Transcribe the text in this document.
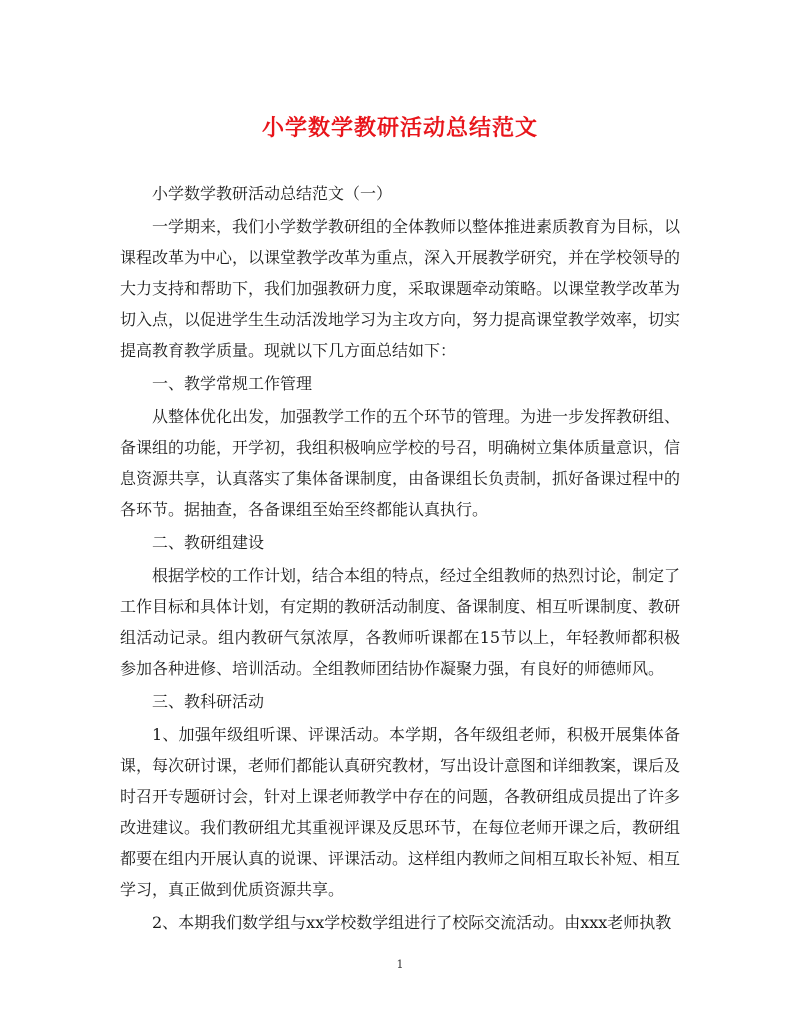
小学数学教研活动总结范文

小学数学教研活动总结范文（一）

一学期来，我们小学数学教研组的全体教师以整体推进素质教育为目标，以课程改革为中心，以课堂教学改革为重点，深入开展教学研究，并在学校领导的大力支持和帮助下，我们加强教研力度，采取课题牵动策略。以课堂教学改革为切入点，以促进学生生动活泼地学习为主攻方向，努力提高课堂教学效率，切实提高教育教学质量。现就以下几方面总结如下：

一、教学常规工作管理

从整体优化出发，加强教学工作的五个环节的管理。为进一步发挥教研组、备课组的功能，开学初，我组积极响应学校的号召，明确树立集体质量意识，信息资源共享，认真落实了集体备课制度，由备课组长负责制，抓好备课过程中的各环节。据抽查，各备课组至始至终都能认真执行。

二、教研组建设

根据学校的工作计划，结合本组的特点，经过全组教师的热烈讨论，制定了工作目标和具体计划，有定期的教研活动制度、备课制度、相互听课制度、教研组活动记录。组内教研气氛浓厚，各教师听课都在15节以上，年轻教师都积极参加各种进修、培训活动。全组教师团结协作凝聚力强，有良好的师德师风。

三、教科研活动

1、加强年级组听课、评课活动。本学期，各年级组老师，积极开展集体备课，每次研讨课，老师们都能认真研究教材，写出设计意图和详细教案，课后及时召开专题研讨会，针对上课老师教学中存在的问题，各教研组成员提出了许多改进建议。我们教研组尤其重视评课及反思环节，在每位老师开课之后，教研组都要在组内开展认真的说课、评课活动。这样组内教师之间相互取长补短、相互学习，真正做到优质资源共享。

2、本期我们数学组与xx学校数学组进行了校际交流活动。由xxx老师执教

1
